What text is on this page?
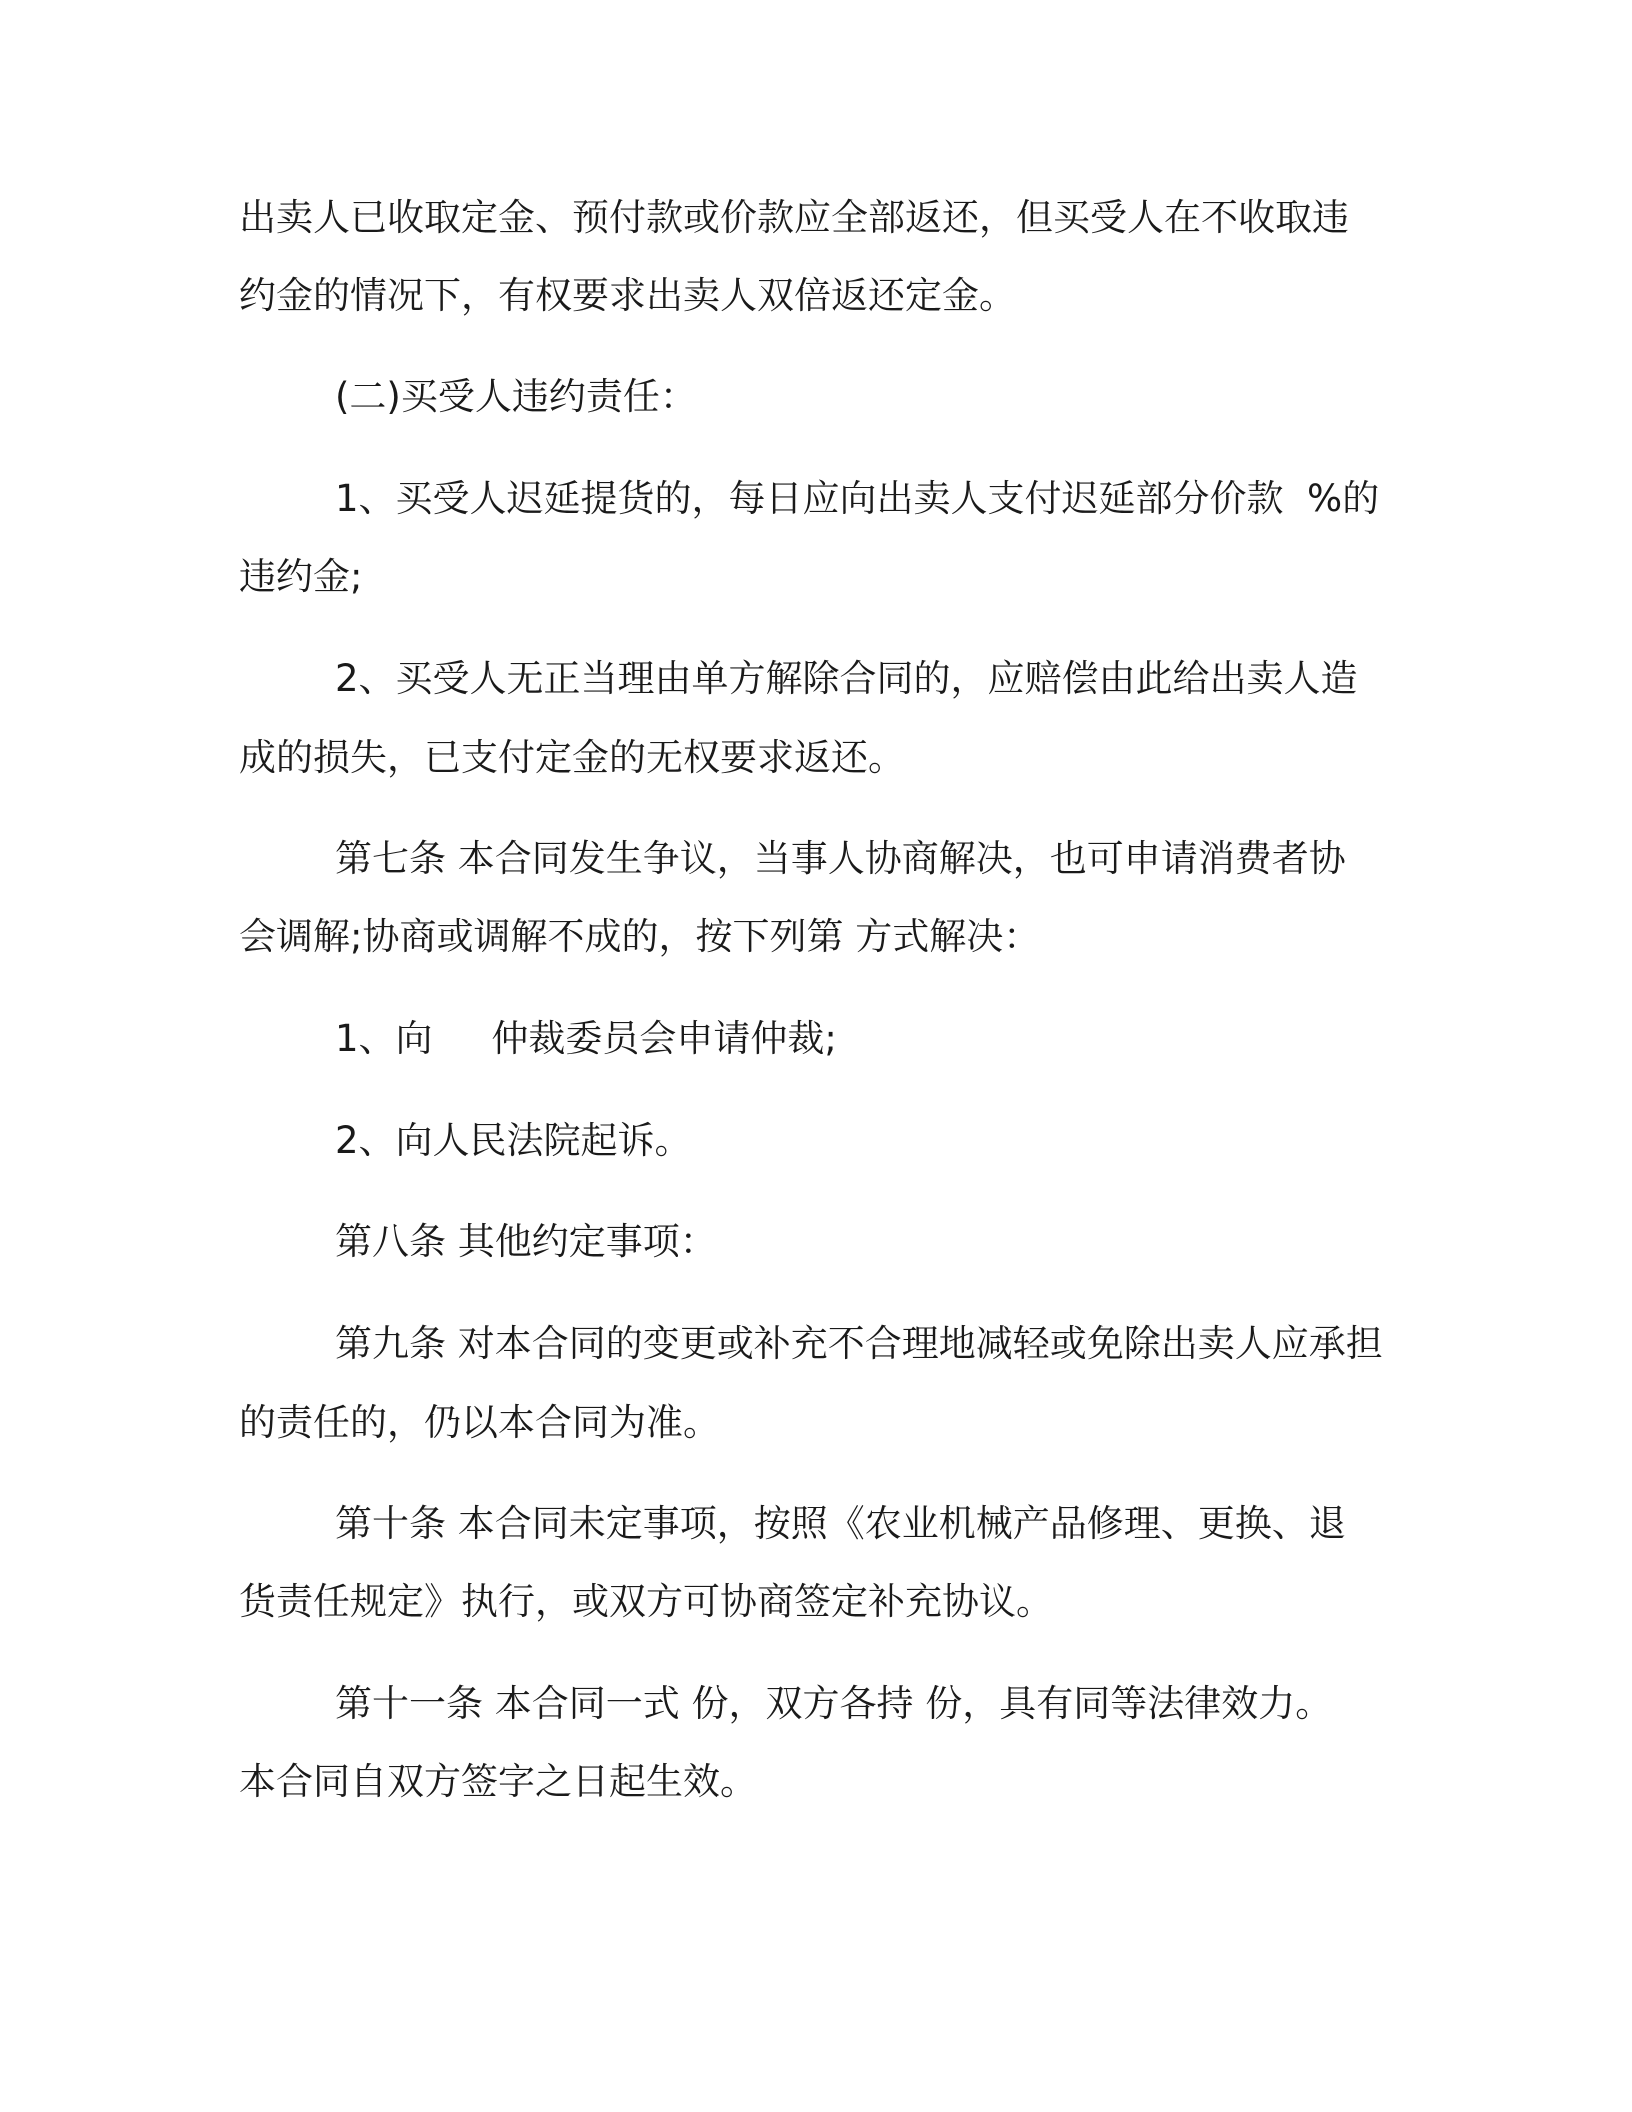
出卖人已收取定金、预付款或价款应全部返还，但买受人在不收取违

约金的情况下，有权要求出卖人双倍返还定金。

(二)买受人违约责任：

1、买受人迟延提货的，每日应向出卖人支付迟延部分价款  %的

违约金;

2、买受人无正当理由单方解除合同的，应赔偿由此给出卖人造

成的损失，已支付定金的无权要求返还。

第七条 本合同发生争议，当事人协商解决，也可申请消费者协

会调解;协商或调解不成的，按下列第 方式解决：

1、向     仲裁委员会申请仲裁;

2、向人民法院起诉。

第八条 其他约定事项：

第九条 对本合同的变更或补充不合理地减轻或免除出卖人应承担

的责任的，仍以本合同为准。

第十条 本合同未定事项，按照《农业机械产品修理、更换、退

货责任规定》执行，或双方可协商签定补充协议。

第十一条 本合同一式 份，双方各持 份，具有同等法律效力。

本合同自双方签字之日起生效。
